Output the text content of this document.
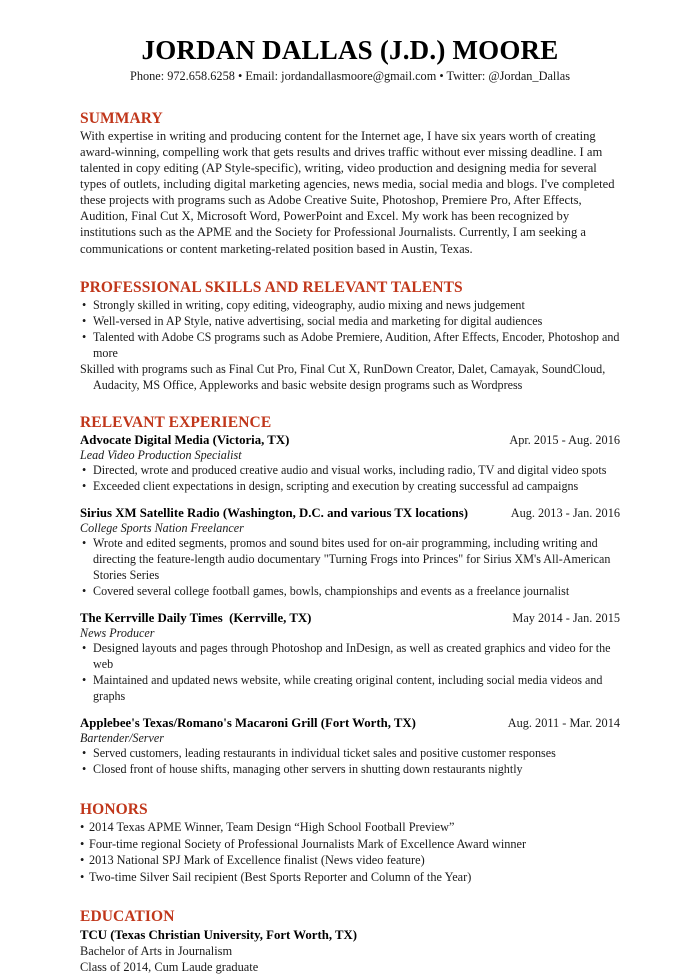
JORDAN DALLAS (J.D.) MOORE
Phone: 972.658.6258 • Email: jordandallasmoore@gmail.com • Twitter: @Jordan_Dallas
SUMMARY

With expertise in writing and producing content for the Internet age, I have six years worth of creating award-winning, compelling work that gets results and drives traffic without ever missing deadline. I am talented in copy editing (AP Style-specific), writing, video production and designing media for several types of outlets, including digital marketing agencies, news media, social media and blogs. I've completed these projects with programs such as Adobe Creative Suite, Photoshop, Premiere Pro, After Effects, Audition, Final Cut X, Microsoft Word, PowerPoint and Excel. My work has been recognized by institutions such as the APME and the Society for Professional Journalists. Currently, I am seeking a communications or content marketing-related position based in Austin, Texas.

PROFESSIONAL SKILLS AND RELEVANT TALENTS
• Strongly skilled in writing, copy editing, videography, audio mixing and news judgement
• Well-versed in AP Style, native advertising, social media and marketing for digital audiences
• Talented with Adobe CS programs such as Adobe Premiere, Audition, After Effects, Encoder, Photoshop and more
Skilled with programs such as Final Cut Pro, Final Cut X, RunDown Creator, Dalet, Camayak, SoundCloud, Audacity, MS Office, Appleworks and basic website design programs such as Wordpress
RELEVANT EXPERIENCE
Advocate Digital Media (Victoria, TX)	Apr. 2015 - Aug. 2016
Lead Video Production Specialist
• Directed, wrote and produced creative audio and visual works, including radio, TV and digital video spots
• Exceeded client expectations in design, scripting and execution by creating successful ad campaigns
Sirius XM Satellite Radio (Washington, D.C. and various TX locations)	Aug. 2013 - Jan. 2016
College Sports Nation Freelancer
• Wrote and edited segments, promos and sound bites used for on-air programming, including writing and directing the feature-length audio documentary "Turning Frogs into Princes" for Sirius XM's All-American Stories Series
• Covered several college football games, bowls, championships and events as a freelance journalist
The Kerrville Daily Times  (Kerrville, TX)	May 2014 - Jan. 2015
News Producer
• Designed layouts and pages through Photoshop and InDesign, as well as created graphics and video for the web
• Maintained and updated news website, while creating original content, including social media videos and graphs
Applebee's Texas/Romano's Macaroni Grill (Fort Worth, TX)	Aug. 2011 - Mar. 2014
Bartender/Server
• Served customers, leading restaurants in individual ticket sales and positive customer responses
• Closed front of house shifts, managing other servers in shutting down restaurants nightly
HONORS
• 2014 Texas APME Winner, Team Design “High School Football Preview”
• Four-time regional Society of Professional Journalists Mark of Excellence Award winner
• 2013 National SPJ Mark of Excellence finalist (News video feature)
• Two-time Silver Sail recipient (Best Sports Reporter and Column of the Year)
EDUCATION
TCU (Texas Christian University, Fort Worth, TX)
Bachelor of Arts in Journalism
Class of 2014, Cum Laude graduate
